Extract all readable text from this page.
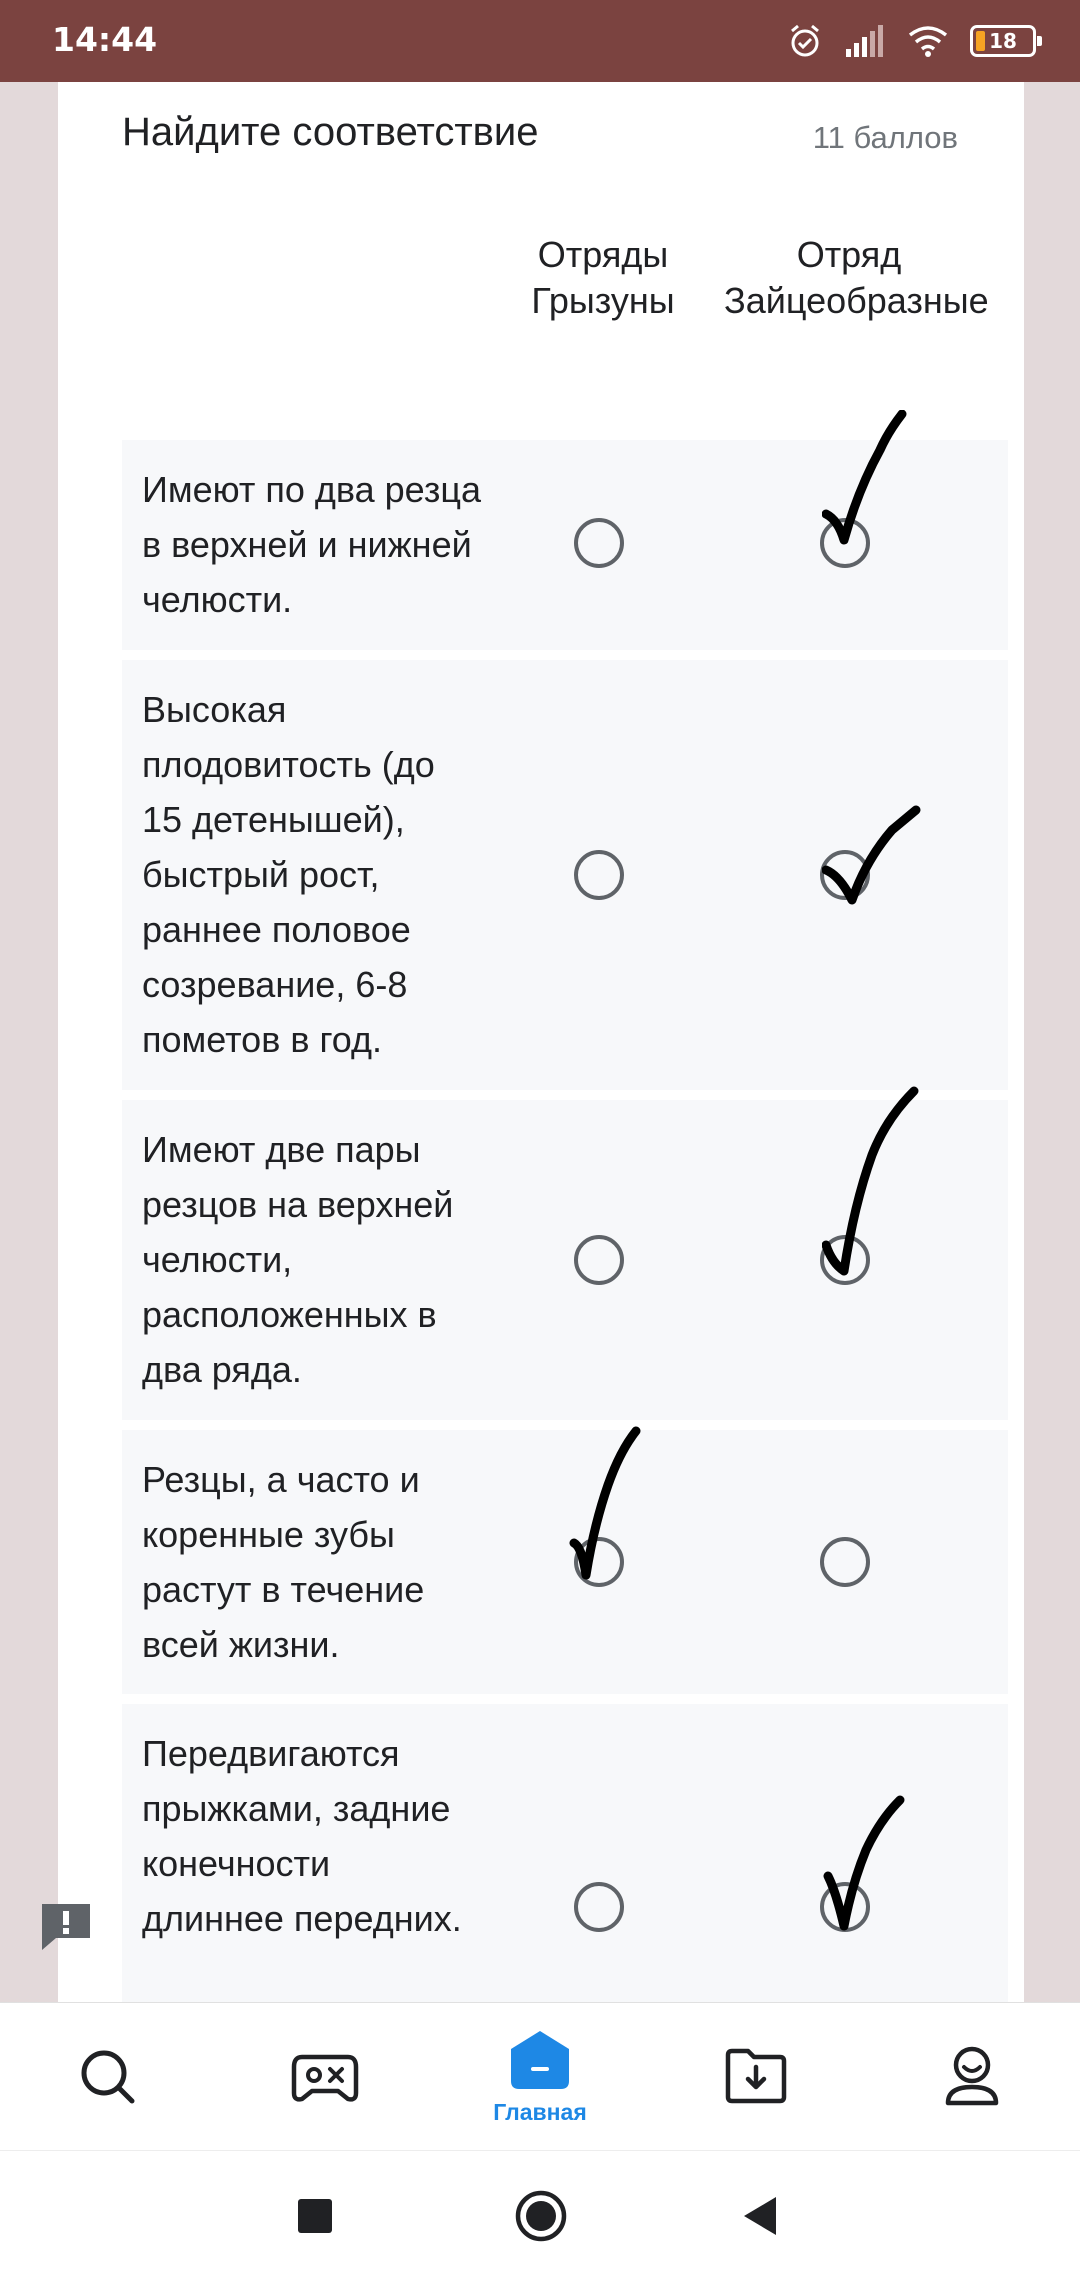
14:44	18
Найдите соответствие	11 баллов
Отряды
Грызуны
Отряд
Зайцеобразные
Имеют по два резца в верхней и нижней челюсти.
Высокая плодовитость (до 15 детенышей), быстрый рост, раннее половое созревание, 6-8 пометов в год.
Имеют две пары резцов на верхней челюсти, расположенных в два ряда.
Резцы, а часто и коренные зубы растут в течение всей жизни.
Передвигаются прыжками, задние конечности длиннее передних.
Главная
